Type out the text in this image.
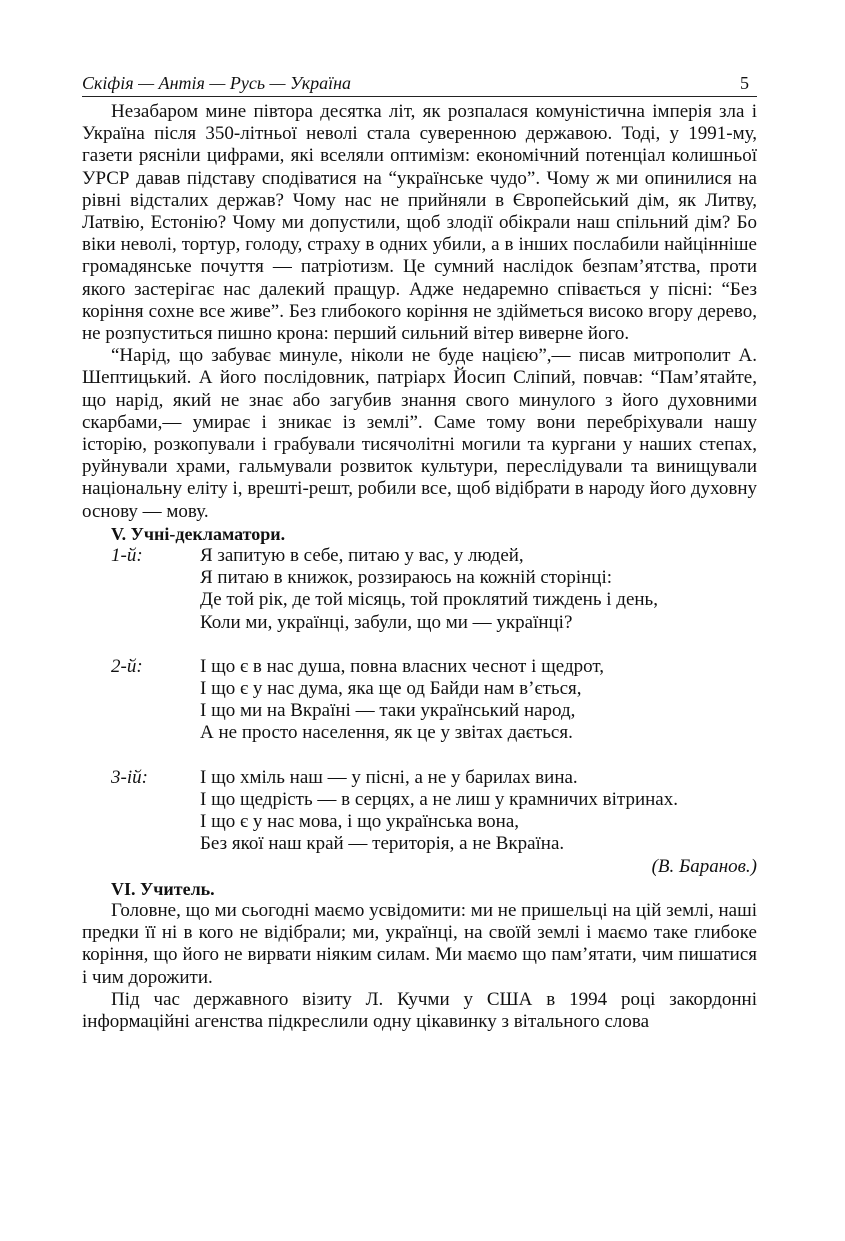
Скіфія — Антія — Русь — Україна	5

Незабаром мине півтора десятка літ, як розпалася комуністична імперія зла і Україна після 350-літньої неволі стала суверенною державою. Тоді, у 1991-му, газети рясніли цифрами, які вселяли оптимізм: економічний потенціал колишньої УРСР давав підставу сподіватися на “українське чудо”. Чому ж ми опинилися на рівні відсталих держав? Чому нас не прийняли в Європейський дім, як Литву, Латвію, Естонію? Чому ми допустили, щоб злодії обікрали наш спільний дім? Бо віки неволі, тортур, голоду, страху в одних убили, а в інших послабили найцінніше громадянське почуття — патріотизм. Це сумний наслідок безпам’ятства, проти якого застерігає нас далекий пращур. Адже недаремно співається у пісні: “Без коріння сохне все живе”. Без глибокого коріння не здійметься високо вгору дерево, не розпуститься пишно крона: перший сильний вітер виверне його.

“Нарід, що забуває минуле, ніколи не буде нацією”,— писав митрополит А. Шептицький. А його послідовник, патріарх Йосип Сліпий, повчав: “Пам’ятайте, що нарід, який не знає або загубив знання свого минулого з його духовними скарбами,— умирає і зникає із землі”. Саме тому вони перебріхували нашу історію, розкопували і грабували тисячолітні могили та кургани у наших степах, руйнували храми, гальмували розвиток культури, переслідували та винищували національну еліту і, врешті-решт, робили все, щоб відібрати в народу його духовну основу — мову.

V. Учні-декламатори.

1-й:	Я запитую в себе, питаю у вас, у людей,
Я питаю в книжок, роззираюсь на кожній сторінці:
Де той рік, де той місяць, той проклятий тиждень і день,
Коли ми, українці, забули, що ми — українці?
2-й:	І що є в нас душа, повна власних чеснот і щедрот,
І що є у нас дума, яка ще од Байди нам в’ється,
І що ми на Вкраїні — таки український народ,
А не просто населення, як це у звітах дається.
3-ій:	І що хміль наш — у пісні, а не у барилах вина.
І що щедрість — в серцях, а не лиш у крамничих вітринах.
І що є у нас мова, і що українська вона,
Без якої наш край — територія, а не Вкраїна.

(В. Баранов.)

VI. Учитель.

Головне, що ми сьогодні маємо усвідомити: ми не пришельці на цій землі, наші предки її ні в кого не відібрали; ми, українці, на своїй землі і маємо таке глибоке коріння, що його не вирвати ніяким силам. Ми маємо що пам’ятати, чим пишатися і чим дорожити.

Під час державного візиту Л. Кучми у США в 1994 році закордонні інформаційні агенства підкреслили одну цікавинку з вітального слова
